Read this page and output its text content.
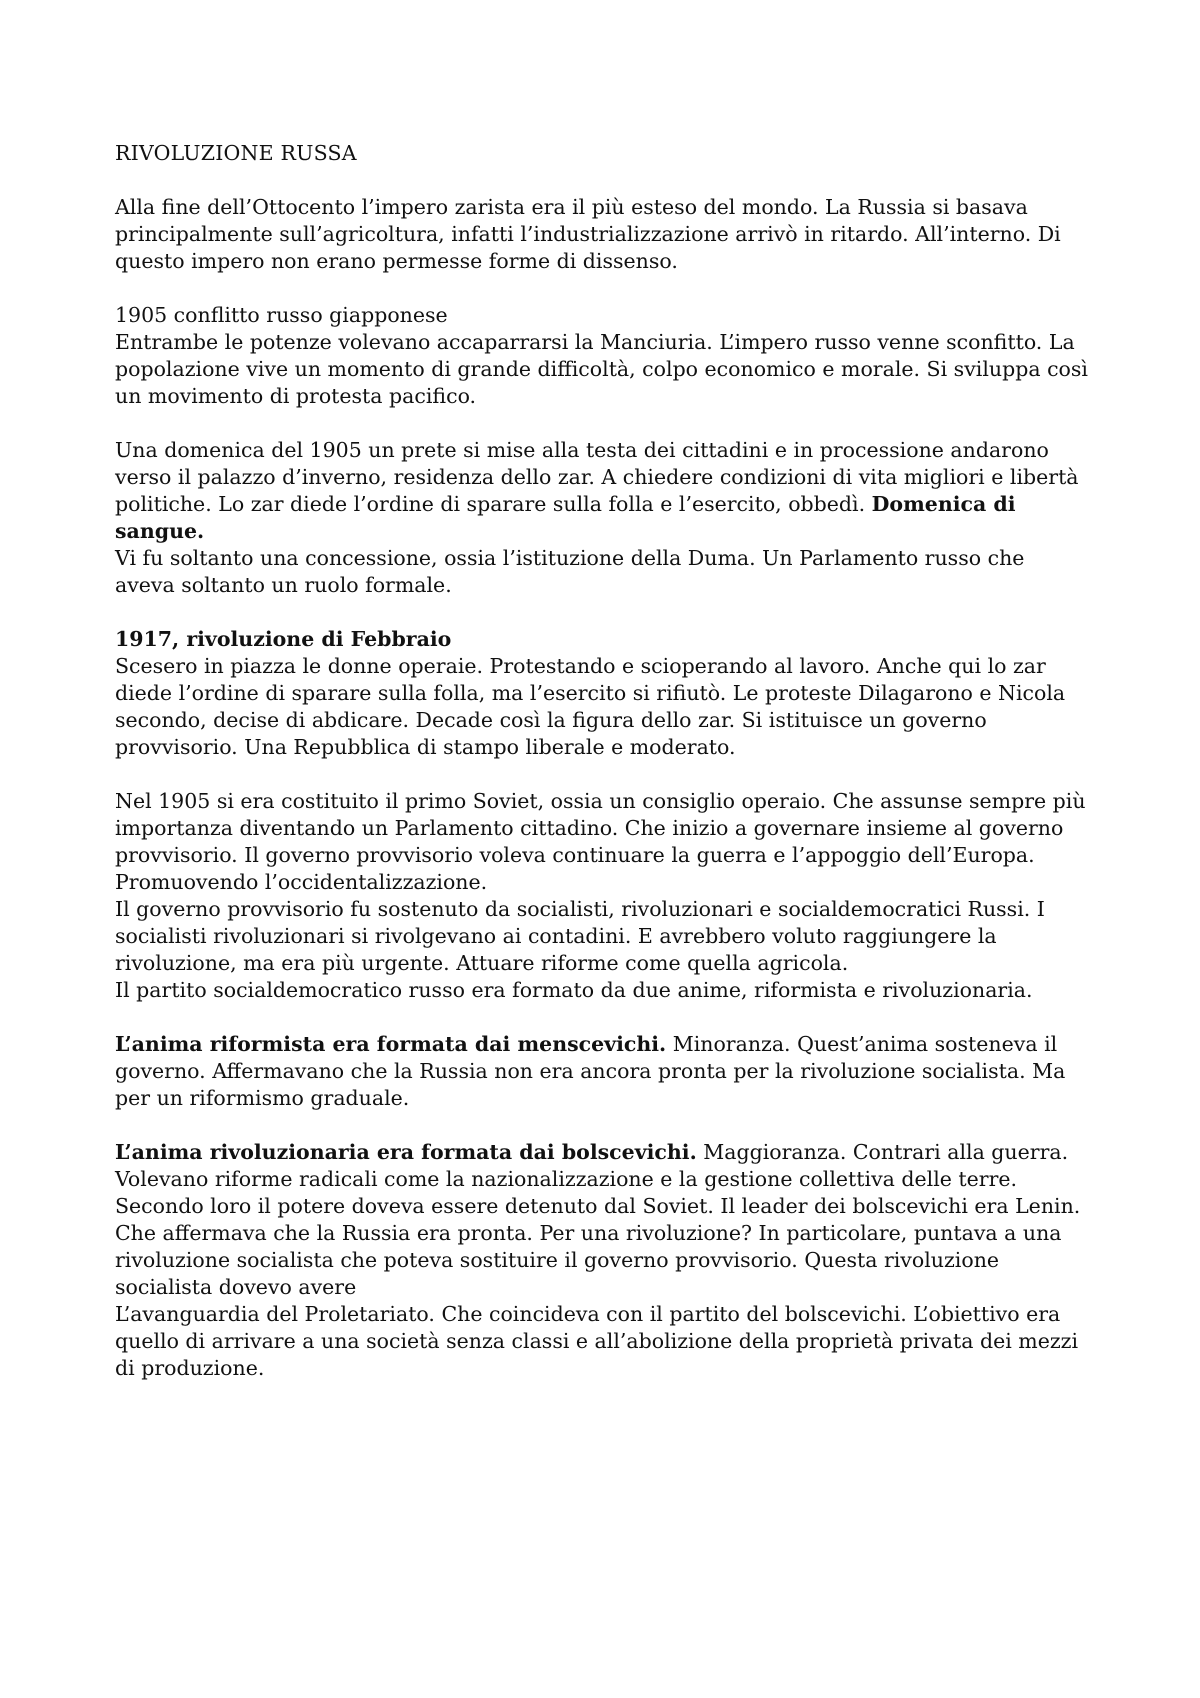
RIVOLUZIONE RUSSA

Alla fine dell’Ottocento l’impero zarista era il più esteso del mondo. La Russia si basava principalmente sull’agricoltura, infatti l’industrializzazione arrivò in ritardo. All’interno. Di questo impero non erano permesse forme di dissenso.

1905 conflitto russo giapponese

Entrambe le potenze volevano accaparrarsi la Manciuria. L’impero russo venne sconfitto. La popolazione vive un momento di grande difficoltà, colpo economico e morale. Si sviluppa così un movimento di protesta pacifico.

Una domenica del 1905 un prete si mise alla testa dei cittadini e in processione andarono verso il palazzo d’inverno, residenza dello zar. A chiedere condizioni di vita migliori e libertà politiche. Lo zar diede l’ordine di sparare sulla folla e l’esercito, obbedì. Domenica di sangue.

Vi fu soltanto una concessione, ossia l’istituzione della Duma. Un Parlamento russo che aveva soltanto un ruolo formale.

1917, rivoluzione di Febbraio

Scesero in piazza le donne operaie. Protestando e scioperando al lavoro. Anche qui lo zar diede l’ordine di sparare sulla folla, ma l’esercito si rifiutò. Le proteste Dilagarono e Nicola secondo, decise di abdicare. Decade così la figura dello zar. Si istituisce un governo provvisorio. Una Repubblica di stampo liberale e moderato.

Nel 1905 si era costituito il primo Soviet, ossia un consiglio operaio. Che assunse sempre più importanza diventando un Parlamento cittadino. Che inizio a governare insieme al governo provvisorio. Il governo provvisorio voleva continuare la guerra e l’appoggio dell’Europa. Promuovendo l’occidentalizzazione.

Il governo provvisorio fu sostenuto da socialisti, rivoluzionari e socialdemocratici Russi. I socialisti rivoluzionari si rivolgevano ai contadini. E avrebbero voluto raggiungere la rivoluzione, ma era più urgente. Attuare riforme come quella agricola.

Il partito socialdemocratico russo era formato da due anime, riformista e rivoluzionaria.

L’anima riformista era formata dai menscevichi. Minoranza. Quest’anima sosteneva il governo. Affermavano che la Russia non era ancora pronta per la rivoluzione socialista. Ma per un riformismo graduale.

L’anima rivoluzionaria era formata dai bolscevichi. Maggioranza. Contrari alla guerra. Volevano riforme radicali come la nazionalizzazione e la gestione collettiva delle terre. Secondo loro il potere doveva essere detenuto dal Soviet. Il leader dei bolscevichi era Lenin. Che affermava che la Russia era pronta. Per una rivoluzione? In particolare, puntava a una rivoluzione socialista che poteva sostituire il governo provvisorio. Questa rivoluzione socialista dovevo avere

L’avanguardia del Proletariato. Che coincideva con il partito del bolscevichi. L’obiettivo era quello di arrivare a una società senza classi e all’abolizione della proprietà privata dei mezzi di produzione.
